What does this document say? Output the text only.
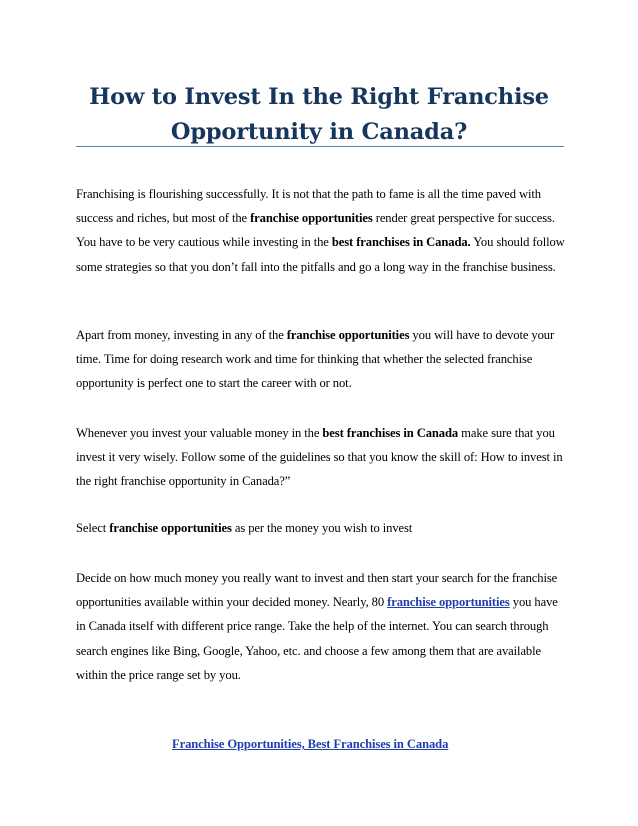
How to Invest In the Right Franchise Opportunity in Canada?

Franchising is flourishing successfully. It is not that the path to fame is all the time paved with success and riches, but most of the franchise opportunities render great perspective for success. You have to be very cautious while investing in the best franchises in Canada. You should follow some strategies so that you don’t fall into the pitfalls and go a long way in the franchise business.

Apart from money, investing in any of the franchise opportunities you will have to devote your time. Time for doing research work and time for thinking that whether the selected franchise opportunity is perfect one to start the career with or not.

Whenever you invest your valuable money in the best franchises in Canada make sure that you invest it very wisely. Follow some of the guidelines so that you know the skill of: How to invest in the right franchise opportunity in Canada?”

Select franchise opportunities as per the money you wish to invest

Decide on how much money you really want to invest and then start your search for the franchise opportunities available within your decided money. Nearly, 80 franchise opportunities you have in Canada itself with different price range. Take the help of the internet. You can search through search engines like Bing, Google, Yahoo, etc. and choose a few among them that are available within the price range set by you.

Franchise Opportunities, Best Franchises in Canada
